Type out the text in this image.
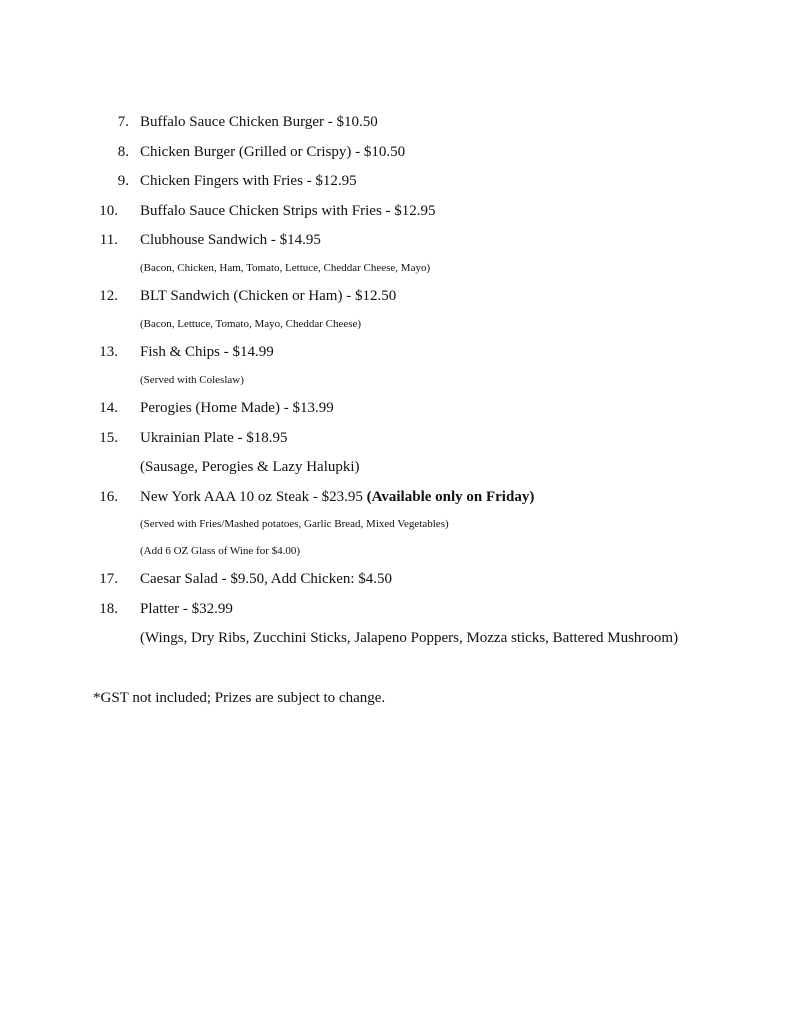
7. Buffalo Sauce Chicken Burger - $10.50
8. Chicken Burger (Grilled or Crispy) - $10.50
9. Chicken Fingers with Fries - $12.95
10. Buffalo Sauce Chicken Strips with Fries - $12.95
11. Clubhouse Sandwich - $14.95
(Bacon, Chicken, Ham, Tomato, Lettuce, Cheddar Cheese, Mayo)
12. BLT Sandwich (Chicken or Ham) - $12.50
(Bacon, Lettuce, Tomato, Mayo, Cheddar Cheese)
13. Fish & Chips - $14.99
(Served with Coleslaw)
14. Perogies (Home Made) - $13.99
15. Ukrainian Plate - $18.95
(Sausage, Perogies & Lazy Halupki)
16. New York AAA 10 oz Steak - $23.95 (Available only on Friday)
(Served with Fries/Mashed potatoes, Garlic Bread, Mixed Vegetables)
(Add 6 OZ Glass of Wine for $4.00)
17. Caesar Salad - $9.50, Add Chicken: $4.50
18. Platter - $32.99
(Wings, Dry Ribs, Zucchini Sticks, Jalapeno Poppers, Mozza sticks, Battered Mushroom)
*GST not included; Prizes are subject to change.
